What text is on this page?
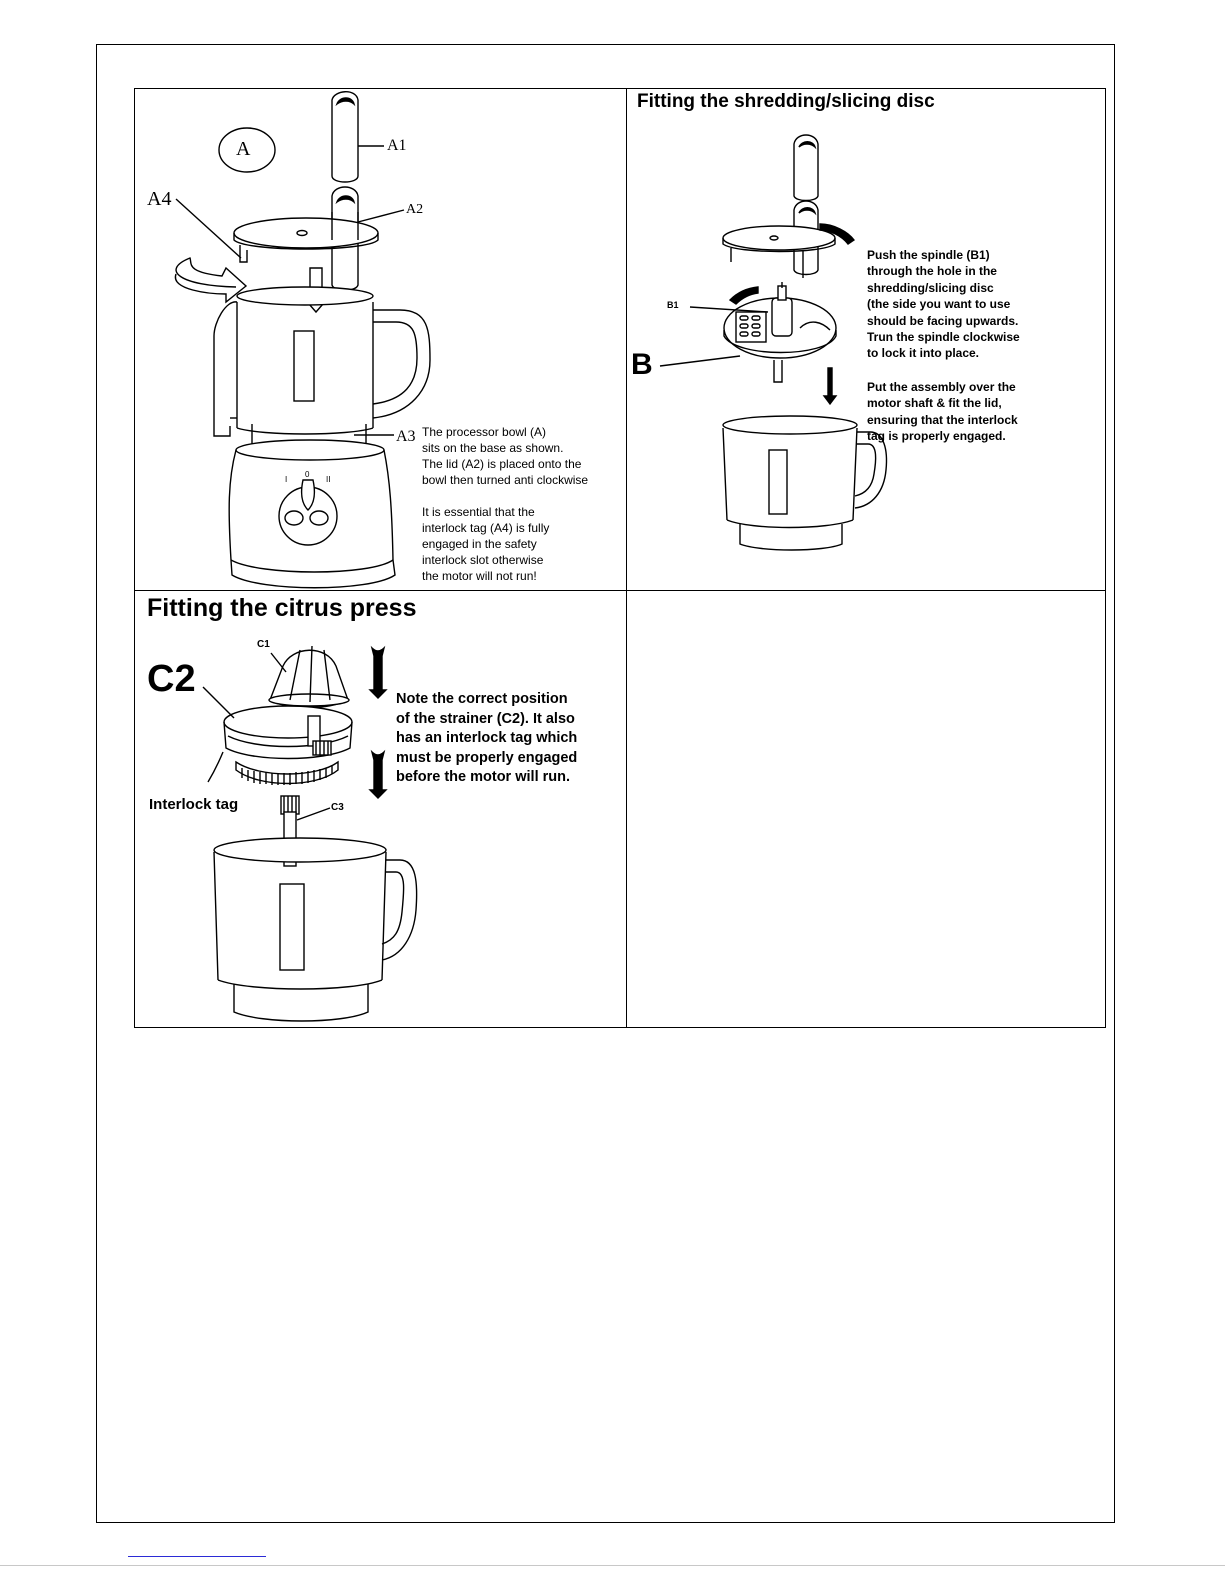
A	A1
A2
A4
A3
I
0
II
The processor bowl (A)
sits on the base as shown.
The lid (A2) is placed onto the
bowl then turned anti clockwise
It is essential that the
interlock tag (A4) is fully
engaged in the safety
interlock slot otherwise
the motor will not run!
Fitting the shredding/slicing disc
B1
B
Push the spindle (B1)
through the hole in the
shredding/slicing disc
(the side you want to use
should be facing upwards.
Trun the spindle clockwise
to lock it into place.
Put the assembly over the
motor shaft & fit the lid,
ensuring that the interlock
tag is properly engaged.
Fitting the citrus press
C1
C2
Interlock tag	C3
Note the correct position
of the strainer (C2). It also
has an interlock tag which
must be properly engaged
before the motor will run.
